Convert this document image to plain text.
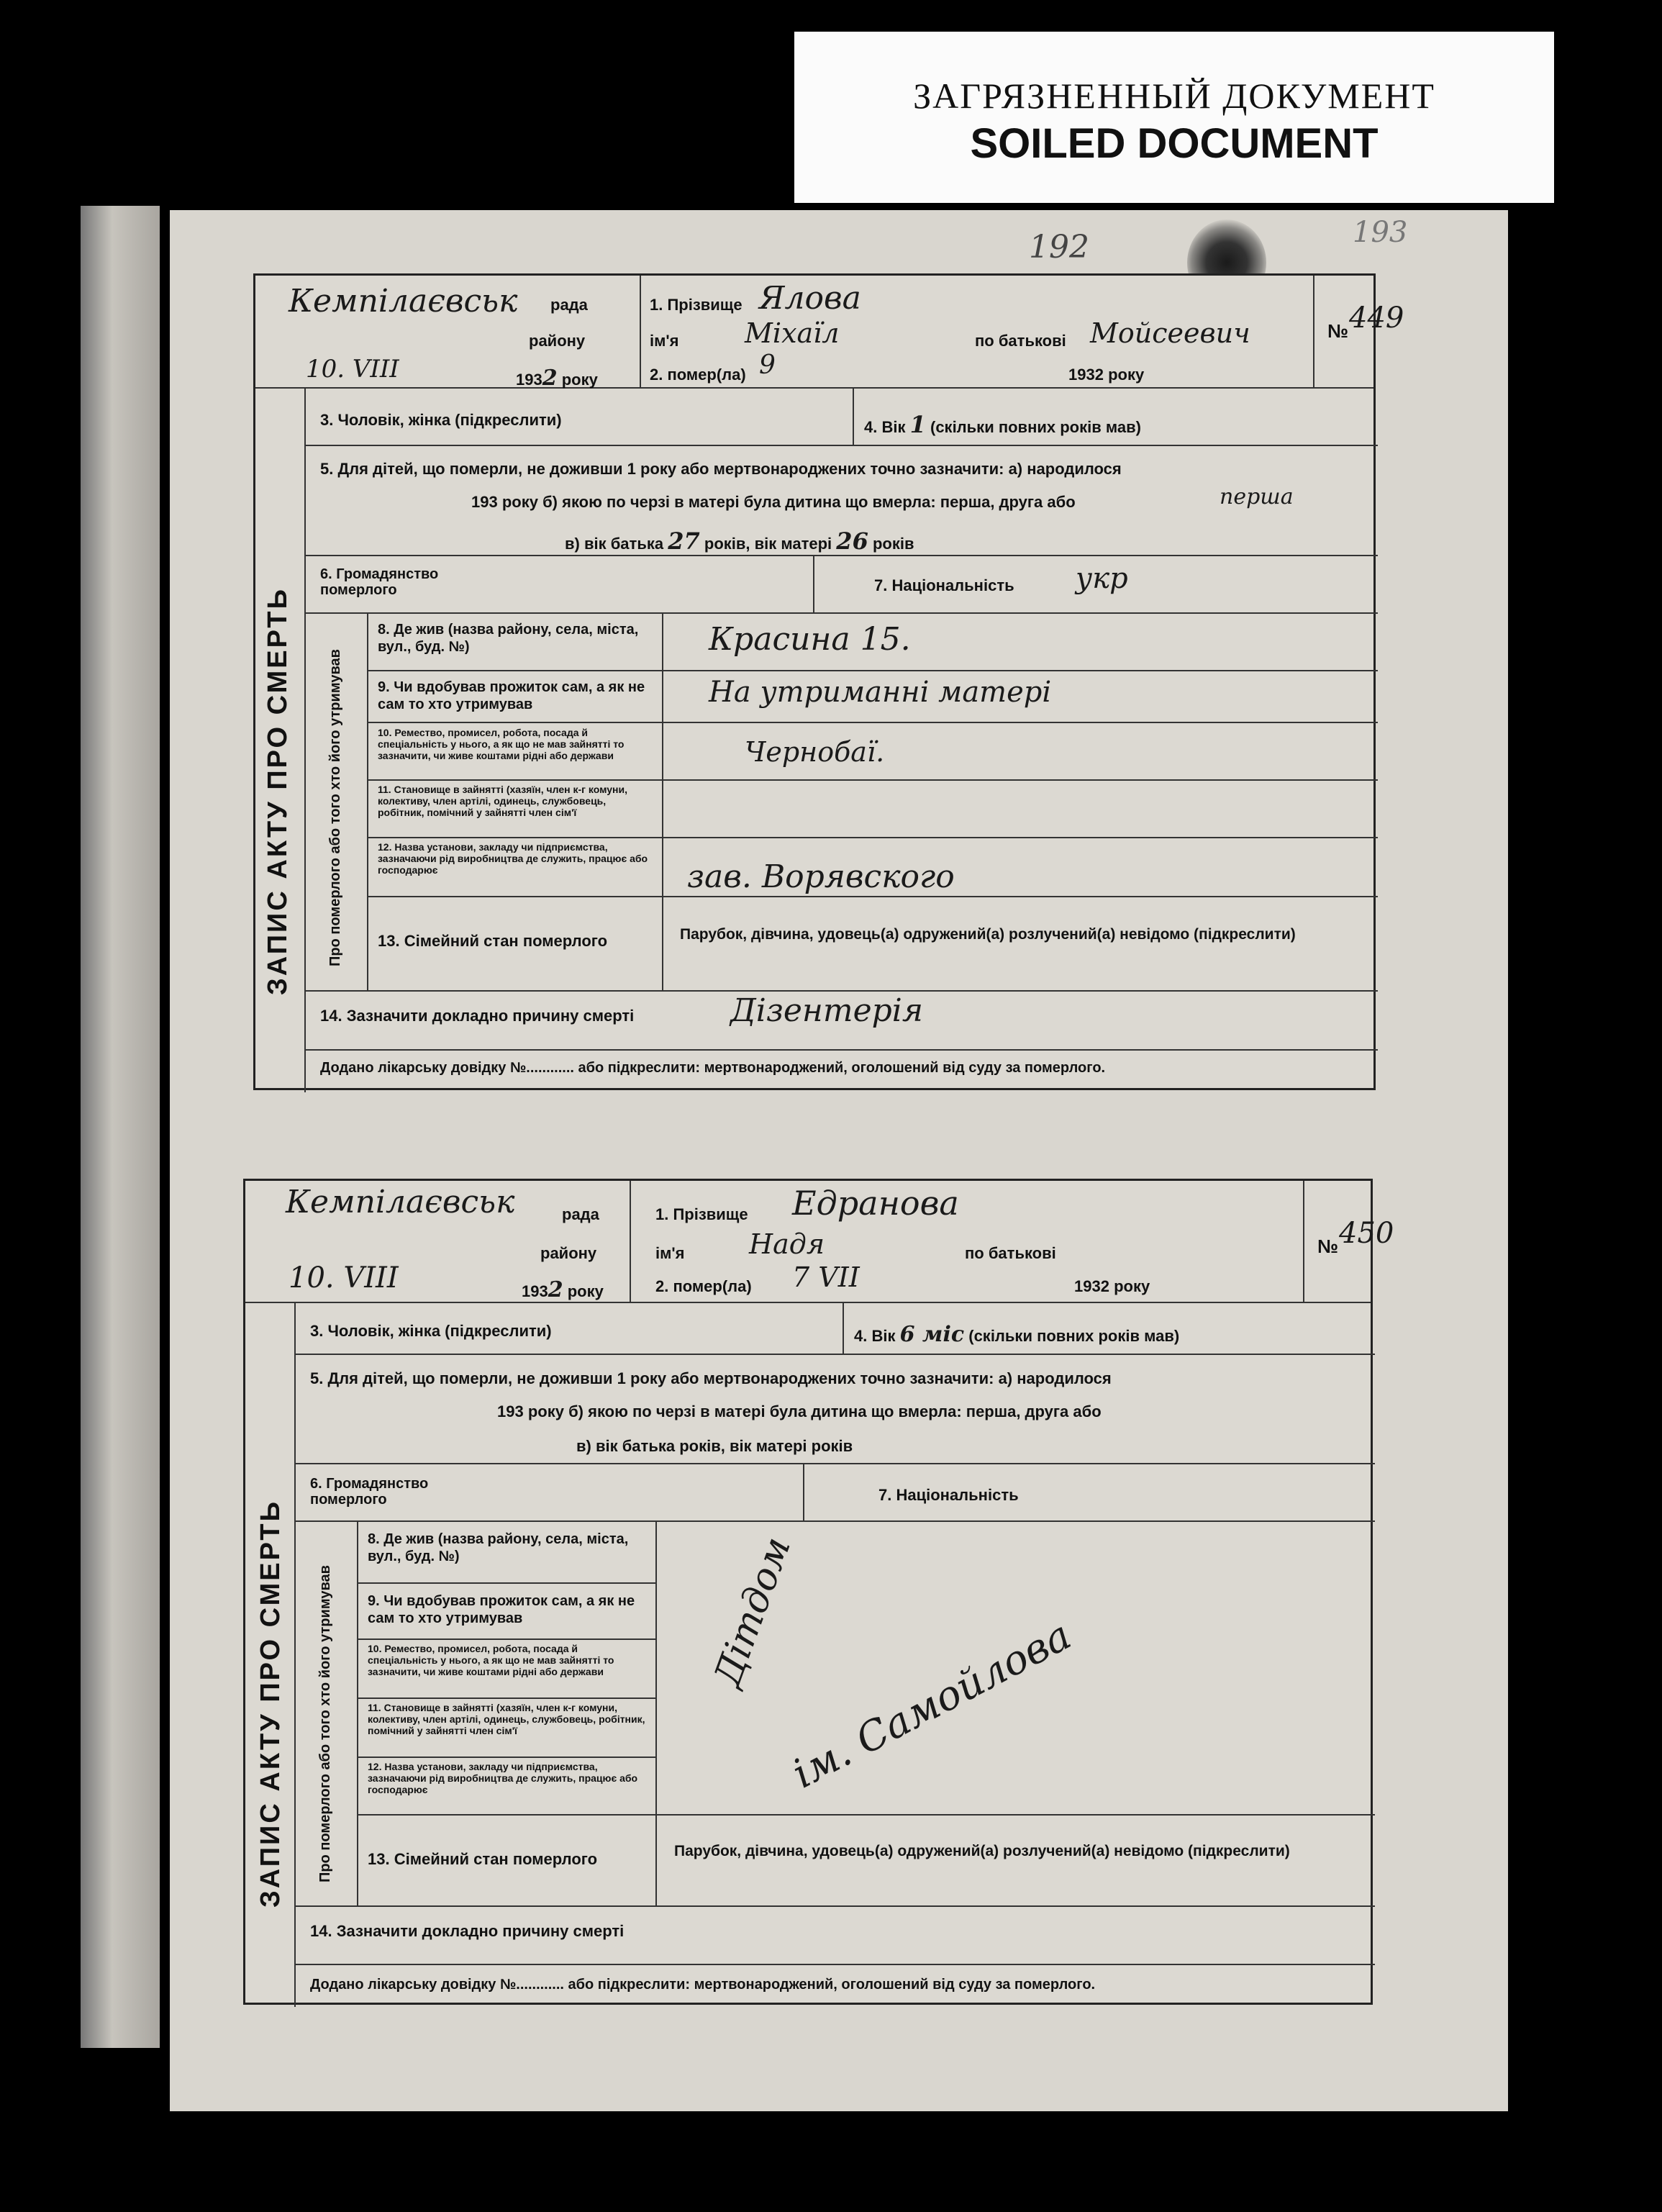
ЗАГРЯЗНЕННЫЙ ДОКУМЕНТ
SOILED DOCUMENT
192	193
Кемпілаєвськ рада
району
10. VIII	1932 року
1. Прізвище Ялова
ім'я Міхаїл	по батькові Мойсеевич
2. помер(ла) 9	1932 року
№ 449
ЗАПИС АКТУ ПРО СМЕРТЬ
3. Чоловік, жінка (підкреслити)	4. Вік 1 (скільки повних років мав)
5. Для дітей, що померли, не доживши 1 року або мертвонароджених точно зазначити: а) народилося
193 року б) якою по черзі в матері була дитина що вмерла: перша, друга або	перша
в) вік батька 27 років, вік матері 26 років
6. Громадянство померлого	7. Національність укр
Про померлого або того хто його утримував
8. Де жив (назва району, села, міста, вул., буд. №)	Красина 15.
9. Чи вдобував прожиток сам, а як не сам то хто утримував	На утриманні матері
10. Ремество, промисел, робота, посада й спеціальність у нього, а як що не мав зайнятті то зазначити, чи живе коштами рідні або держави	Чернобаї.
11. Становище в зайнятті (хазяїн, член к-г комуни, колективу, член артілі, одинець, службовець, робітник, помічний у зайнятті член сім'ї
12. Назва установи, закладу чи підприємства, зазначаючи рід виробництва де служить, працює або господарює	зав. Ворявского
13. Сімейний стан померлого	Парубок, дівчина, удовець(а) одружений(а) розлучений(а) невідомо (підкреслити)
14. Зазначити докладно причину смерті	Дізентерія
Додано лікарську довідку №............ або підкреслити: мертвонароджений, оголошений від суду за померлого.
Кемпілаєвськ	рада
району
10. VIII	1932 року
1. Прізвище Едранова
ім'я Надя	по батькові
2. помер(ла) 7 VII	1932 року
№ 450
ЗАПИС АКТУ ПРО СМЕРТЬ
3. Чоловік, жінка (підкреслити)	4. Вік 6 міс (скільки повних років мав)
5. Для дітей, що померли, не доживши 1 року або мертвонароджених точно зазначити: а) народилося
193 року б) якою по черзі в матері була дитина що вмерла: перша, друга або
в) вік батька років, вік матері років
6. Громадянство померлого	7. Національність
Про померлого або того хто його утримував
8. Де жив (назва району, села, міста, вул., буд. №)
9. Чи вдобував прожиток сам, а як не сам то хто утримував
10. Ремество, промисел, робота, посада й спеціальність у нього, а як що не мав зайнятті то зазначити, чи живе коштами рідні або держави
11. Становище в зайнятті (хазяїн, член к-г комуни, колективу, член артілі, одинець, службовець, робітник, помічний у зайнятті член сім'ї
12. Назва установи, закладу чи підприємства, зазначаючи рід виробництва де служить, працює або господарює
Дітдом
ім. Самойлова
13. Сімейний стан померлого	Парубок, дівчина, удовець(а) одружений(а) розлучений(а) невідомо (підкреслити)
14. Зазначити докладно причину смерті
Додано лікарську довідку №............ або підкреслити: мертвонароджений, оголошений від суду за померлого.
